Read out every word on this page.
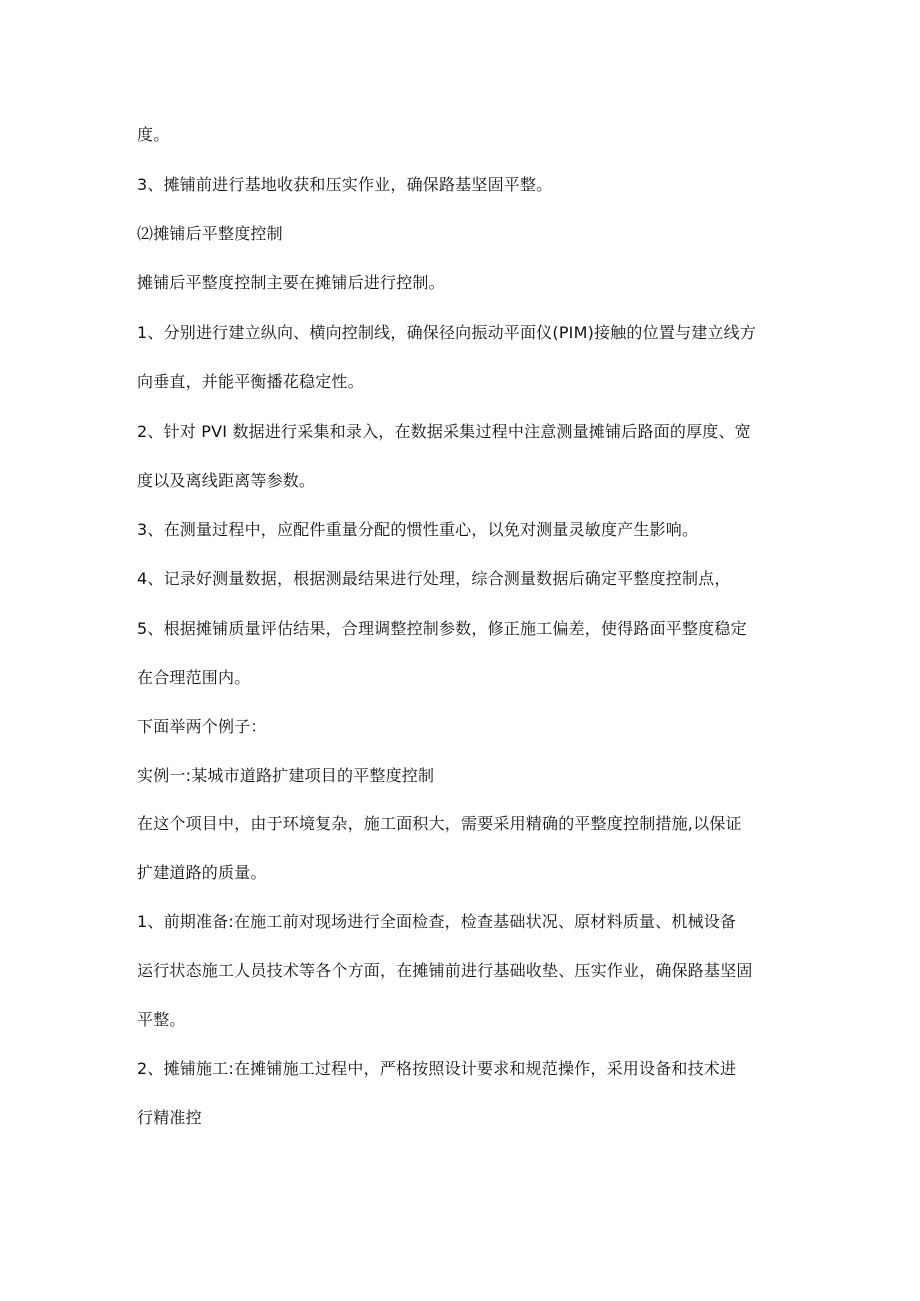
度。

3、摊铺前进行基地收获和压实作业，确保路基坚固平整。

⑵摊铺后平整度控制

摊铺后平整度控制主要在摊铺后进行控制。

1、分别进行建立纵向、横向控制线，确保径向振动平面仪(PIM)接触的位置与建立线方

向垂直，并能平衡播花稳定性。

2、针对 PVI 数据进行采集和录入，在数据采集过程中注意测量摊铺后路面的厚度、宽

度以及离线距离等参数。

3、在测量过程中，应配件重量分配的惯性重心，以免对测量灵敏度产生影响。

4、记录好测量数据，根据测最结果进行处理，综合测量数据后确定平整度控制点，

5、根据摊铺质量评估结果，合理调整控制参数，修正施工偏差，使得路面平整度稳定

在合理范围内。

下面举两个例子：

实例一:某城市道路扩建项目的平整度控制

在这个项目中，由于环境复杂，施工面积大，需要采用精确的平整度控制措施,以保证

扩建道路的质量。

1、前期准备:在施工前对现场进行全面检查，检查基础状况、原材料质量、机械设备

运行状态施工人员技术等各个方面，在摊铺前进行基础收垫、压实作业，确保路基坚固

平整。

2、摊铺施工:在摊铺施工过程中，严格按照设计要求和规范操作，采用设备和技术进

行精准控
